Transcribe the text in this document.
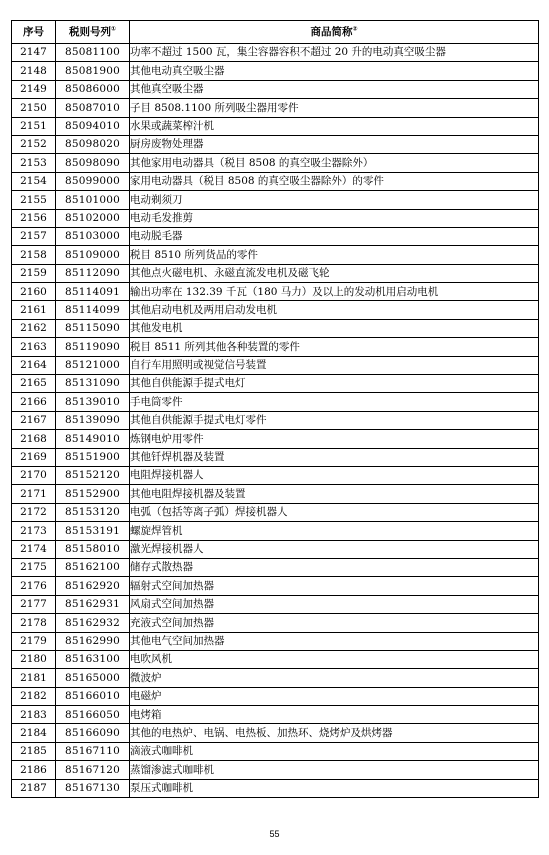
序号	税则号列①	商品简称②
2147	85081100	功率不超过 1500 瓦，集尘容器容积不超过 20 升的电动真空吸尘器
2148	85081900	其他电动真空吸尘器
2149	85086000	其他真空吸尘器
2150	85087010	子目 8508.1100 所列吸尘器用零件
2151	85094010	水果或蔬菜榨汁机
2152	85098020	厨房废物处理器
2153	85098090	其他家用电动器具（税目 8508 的真空吸尘器除外）
2154	85099000	家用电动器具（税目 8508 的真空吸尘器除外）的零件
2155	85101000	电动剃须刀
2156	85102000	电动毛发推剪
2157	85103000	电动脱毛器
2158	85109000	税目 8510 所列货品的零件
2159	85112090	其他点火磁电机、永磁直流发电机及磁飞轮
2160	85114091	输出功率在 132.39 千瓦（180 马力）及以上的发动机用启动电机
2161	85114099	其他启动电机及两用启动发电机
2162	85115090	其他发电机
2163	85119090	税目 8511 所列其他各种装置的零件
2164	85121000	自行车用照明或视觉信号装置
2165	85131090	其他自供能源手提式电灯
2166	85139010	手电筒零件
2167	85139090	其他自供能源手提式电灯零件
2168	85149010	炼钢电炉用零件
2169	85151900	其他钎焊机器及装置
2170	85152120	电阻焊接机器人
2171	85152900	其他电阻焊接机器及装置
2172	85153120	电弧（包括等离子弧）焊接机器人
2173	85153191	螺旋焊管机
2174	85158010	激光焊接机器人
2175	85162100	储存式散热器
2176	85162920	辐射式空间加热器
2177	85162931	风扇式空间加热器
2178	85162932	充液式空间加热器
2179	85162990	其他电气空间加热器
2180	85163100	电吹风机
2181	85165000	微波炉
2182	85166010	电磁炉
2183	85166050	电烤箱
2184	85166090	其他的电热炉、电锅、电热板、加热环、烧烤炉及烘烤器
2185	85167110	滴液式咖啡机
2186	85167120	蒸馏渗滤式咖啡机
2187	85167130	泵压式咖啡机
55
